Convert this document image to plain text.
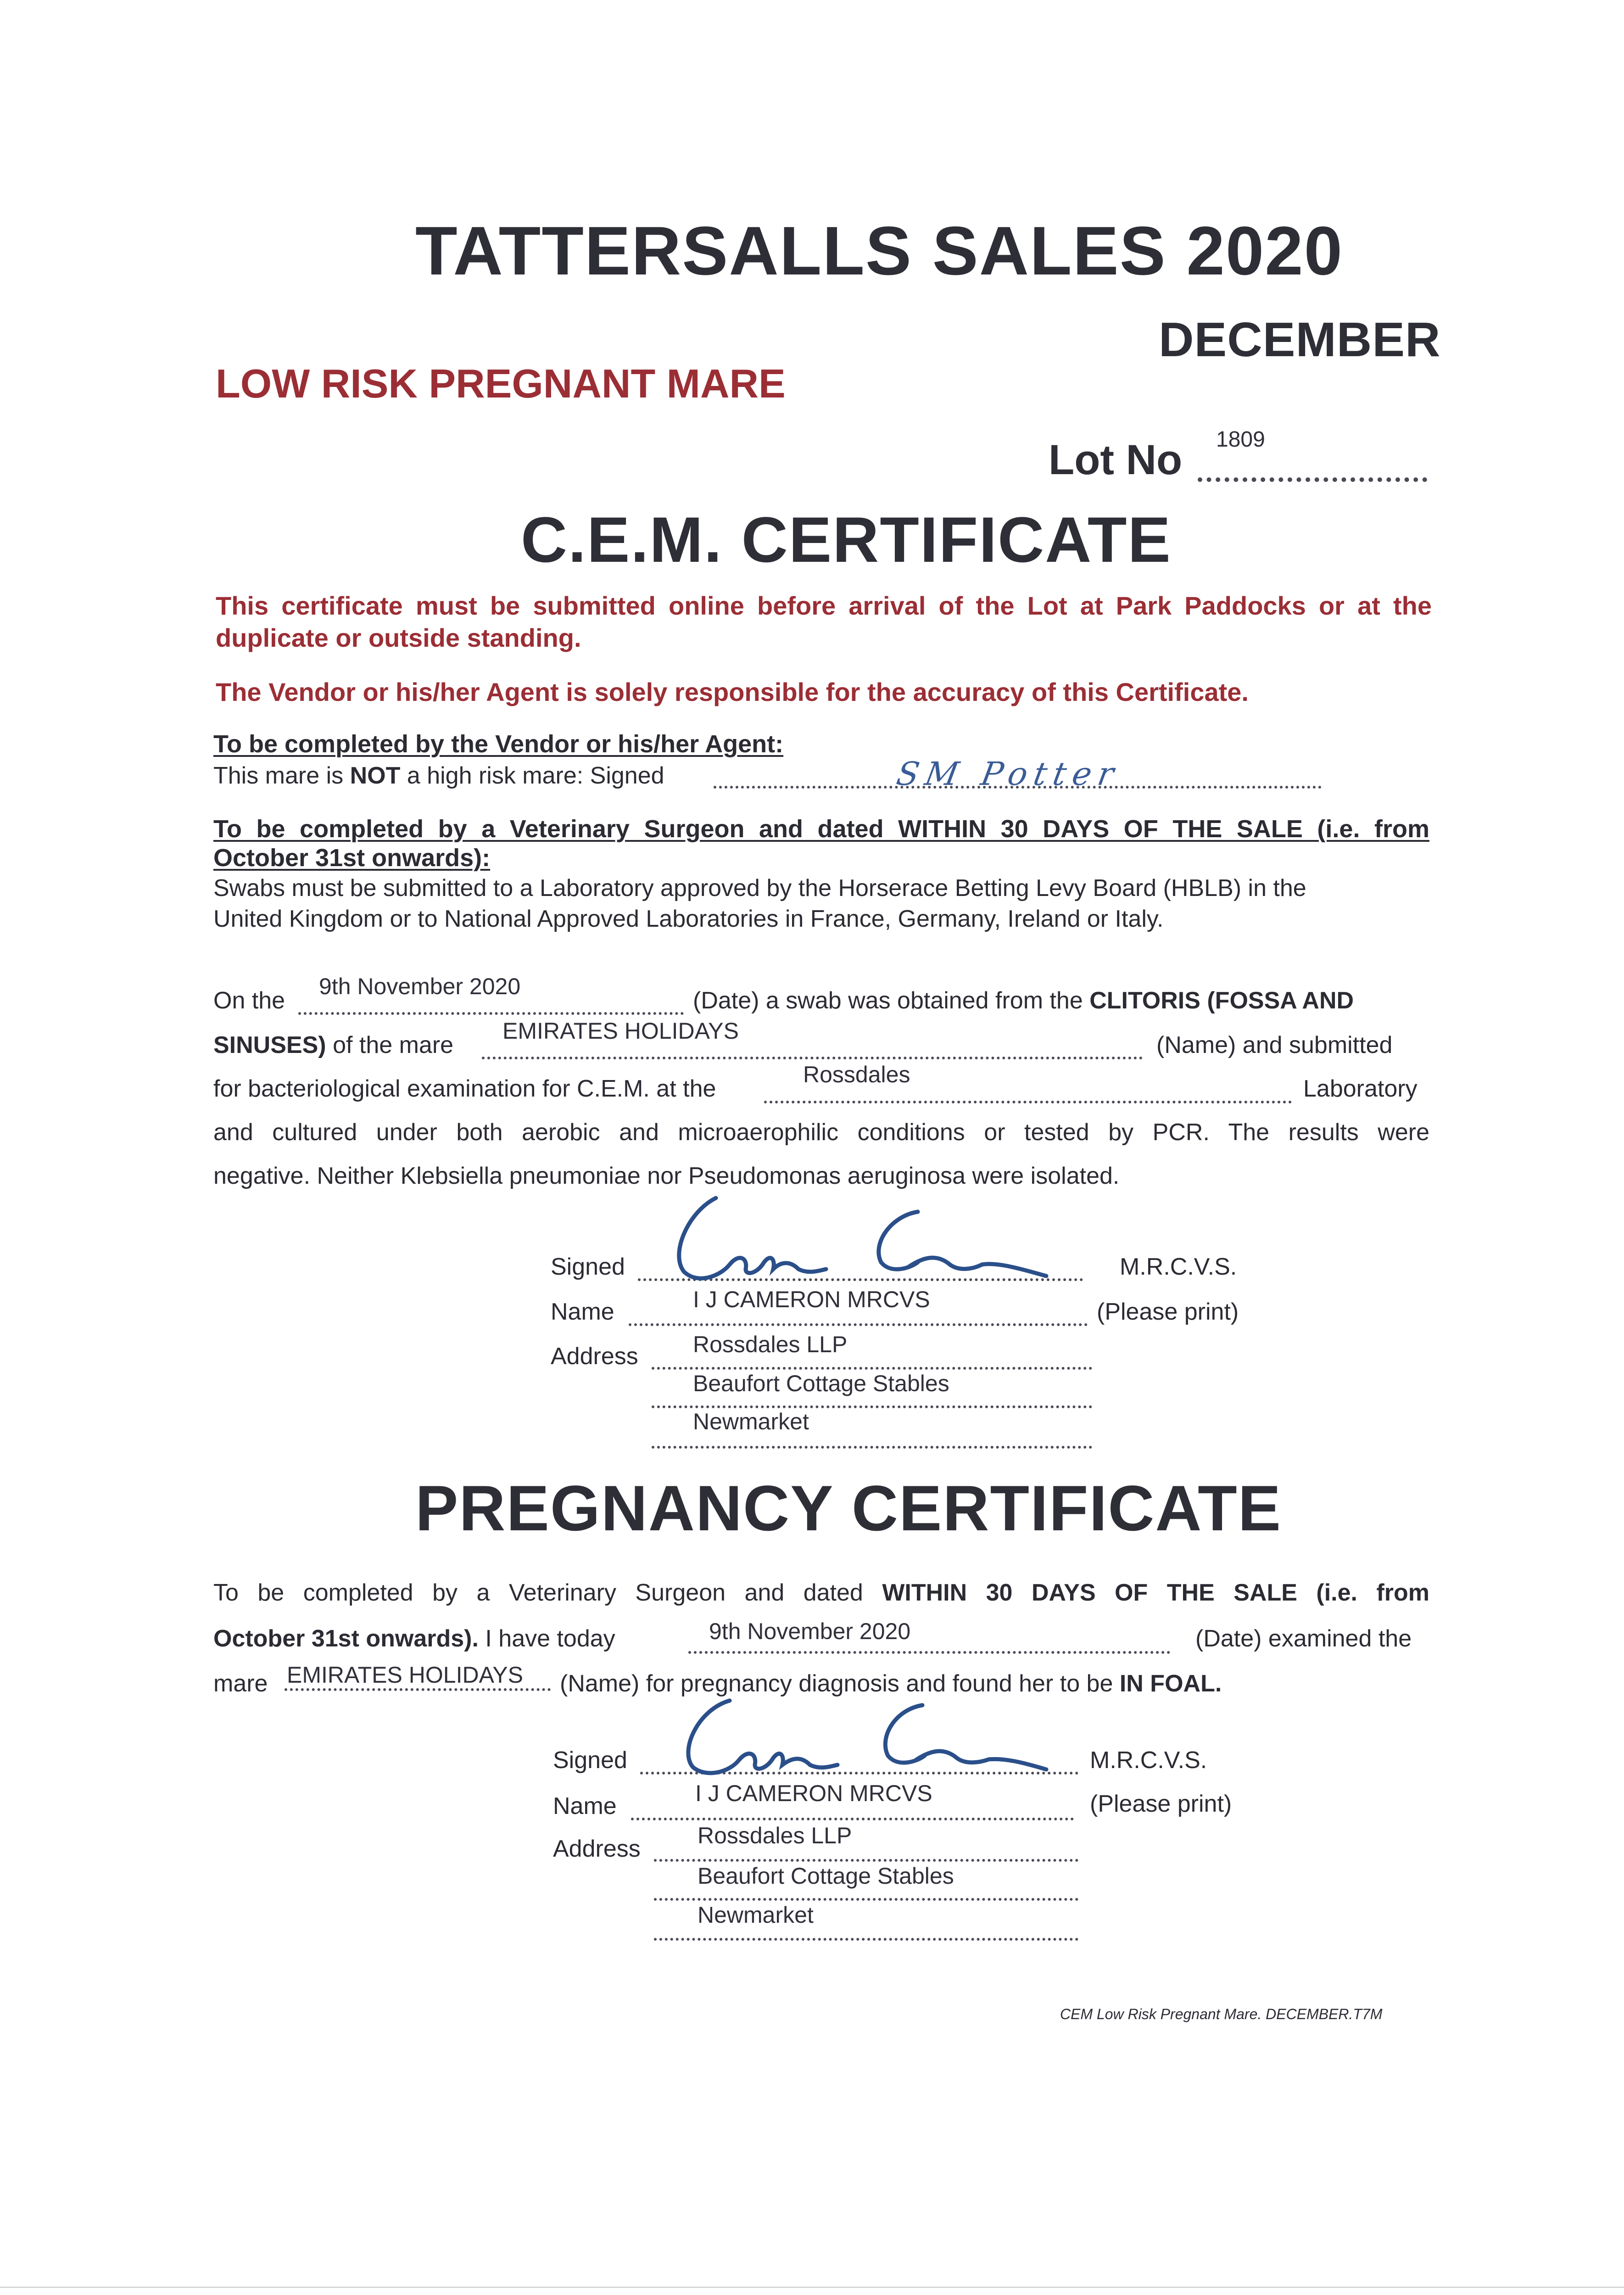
TATTERSALLS SALES 2020
DECEMBER
LOW RISK PREGNANT MARE
Lot No 1809
C.E.M. CERTIFICATE
This certificate must be submitted online before arrival of the Lot at Park Paddocks or at the duplicate or outside standing.
The Vendor or his/her Agent is solely responsible for the accuracy of this Certificate.
To be completed by the Vendor or his/her Agent:
This mare is NOT a high risk mare: Signed	SM Potter
To be completed by a Veterinary Surgeon and dated WITHIN 30 DAYS OF THE SALE (i.e. from
October 31st onwards):
Swabs must be submitted to a Laboratory approved by the Horserace Betting Levy Board (HBLB) in the
United Kingdom or to National Approved Laboratories in France, Germany, Ireland or Italy.
On the
9th November 2020
(Date) a swab was obtained from the CLITORIS (FOSSA AND
SINUSES) of the mare
EMIRATES HOLIDAYS
(Name) and submitted
for bacteriological examination for C.E.M. at the
Rossdales
Laboratory
and cultured under both aerobic and microaerophilic conditions or tested by PCR. The results were
negative. Neither Klebsiella pneumoniae nor Pseudomonas aeruginosa were isolated.
Signed	M.R.C.V.S.
Name	I J CAMERON MRCVS	(Please print)
Address Rossdales LLP
Beaufort Cottage Stables
Newmarket
PREGNANCY CERTIFICATE
To be completed by a Veterinary Surgeon and dated WITHIN 30 DAYS OF THE SALE (i.e. from
October 31st onwards). I have today	9th November 2020	(Date) examined the
mare EMIRATES HOLIDAYS (Name) for pregnancy diagnosis and found her to be IN FOAL.
Signed	M.R.C.V.S.
Name	I J CAMERON MRCVS	(Please print)
Address Rossdales LLP
Beaufort Cottage Stables
Newmarket
CEM Low Risk Pregnant Mare. DECEMBER.T7M
